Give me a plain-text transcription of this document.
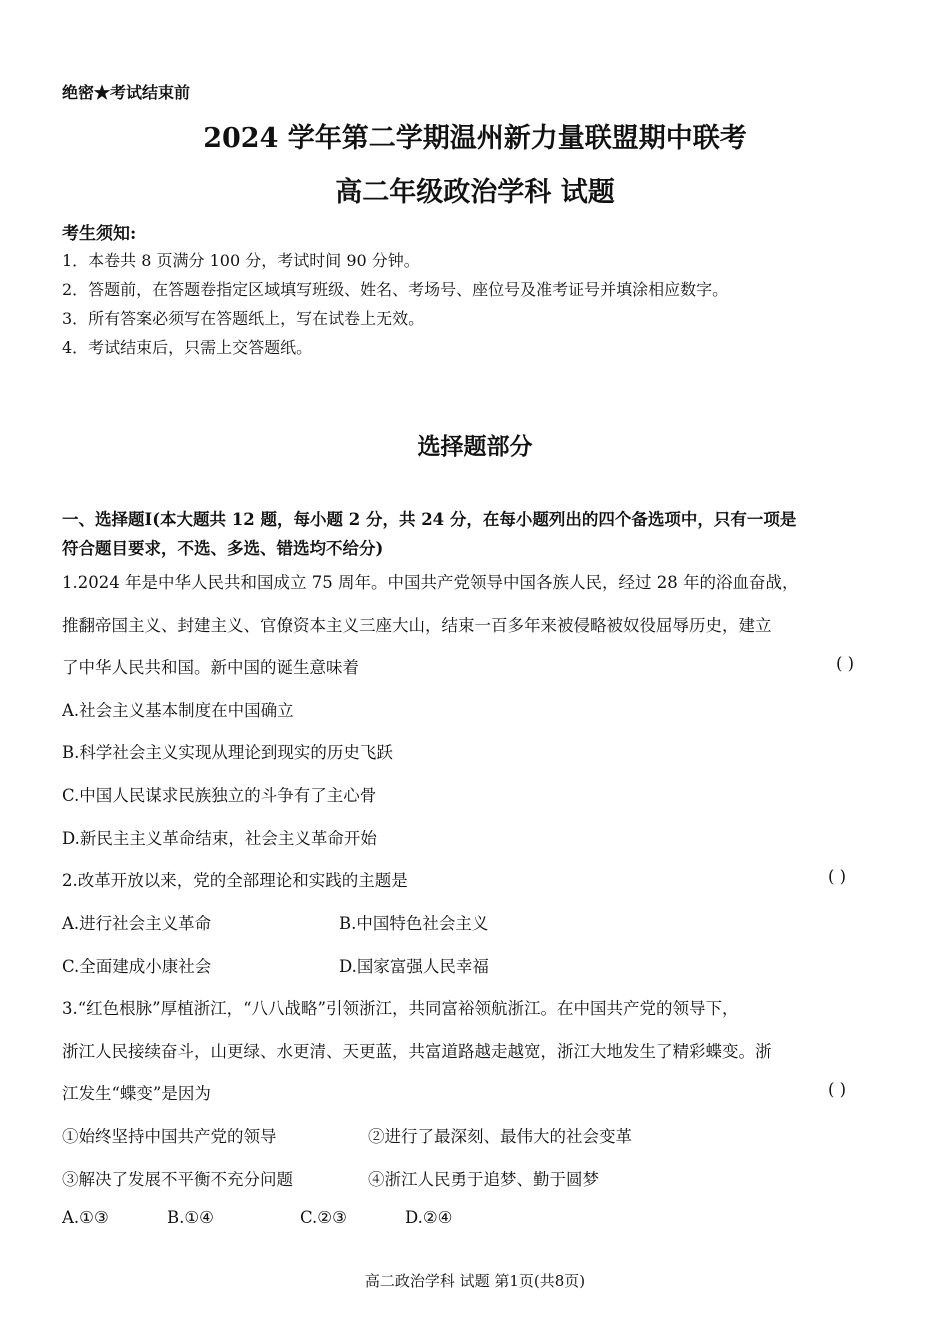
绝密★考试结束前
2024 学年第二学期温州新力量联盟期中联考
高二年级政治学科 试题
考生须知:
1．本卷共 8 页满分 100 分，考试时间 90 分钟。
2．答题前，在答题卷指定区域填写班级、姓名、考场号、座位号及准考证号并填涂相应数字。
3．所有答案必须写在答题纸上，写在试卷上无效。
4．考试结束后，只需上交答题纸。
选择题部分
一、选择题Ⅰ(本大题共 12 题，每小题 2 分，共 24 分，在每小题列出的四个备选项中，只有一项是
符合题目要求，不选、多选、错选均不给分)
1.2024 年是中华人民共和国成立 75 周年。中国共产党领导中国各族人民，经过 28 年的浴血奋战，
推翻帝国主义、封建主义、官僚资本主义三座大山，结束一百多年来被侵略被奴役屈辱历史，建立
了中华人民共和国。新中国的诞生意味着	( )
A.社会主义基本制度在中国确立
B.科学社会主义实现从理论到现实的历史飞跃
C.中国人民谋求民族独立的斗争有了主心骨
D.新民主主义革命结束，社会主义革命开始
2.改革开放以来，党的全部理论和实践的主题是	( )
A.进行社会主义革命	B.中国特色社会主义
C.全面建成小康社会	D.国家富强人民幸福
3.“红色根脉”厚植浙江，“八八战略”引领浙江，共同富裕领航浙江。在中国共产党的领导下，
浙江人民接续奋斗，山更绿、水更清、天更蓝，共富道路越走越宽，浙江大地发生了精彩蝶变。浙
江发生“蝶变”是因为	( )
①始终坚持中国共产党的领导	②进行了最深刻、最伟大的社会变革
③解决了发展不平衡不充分问题	④浙江人民勇于追梦、勤于圆梦
A.①③	B.①④	C.②③	D.②④
高二政治学科 试题 第1页(共8页)
